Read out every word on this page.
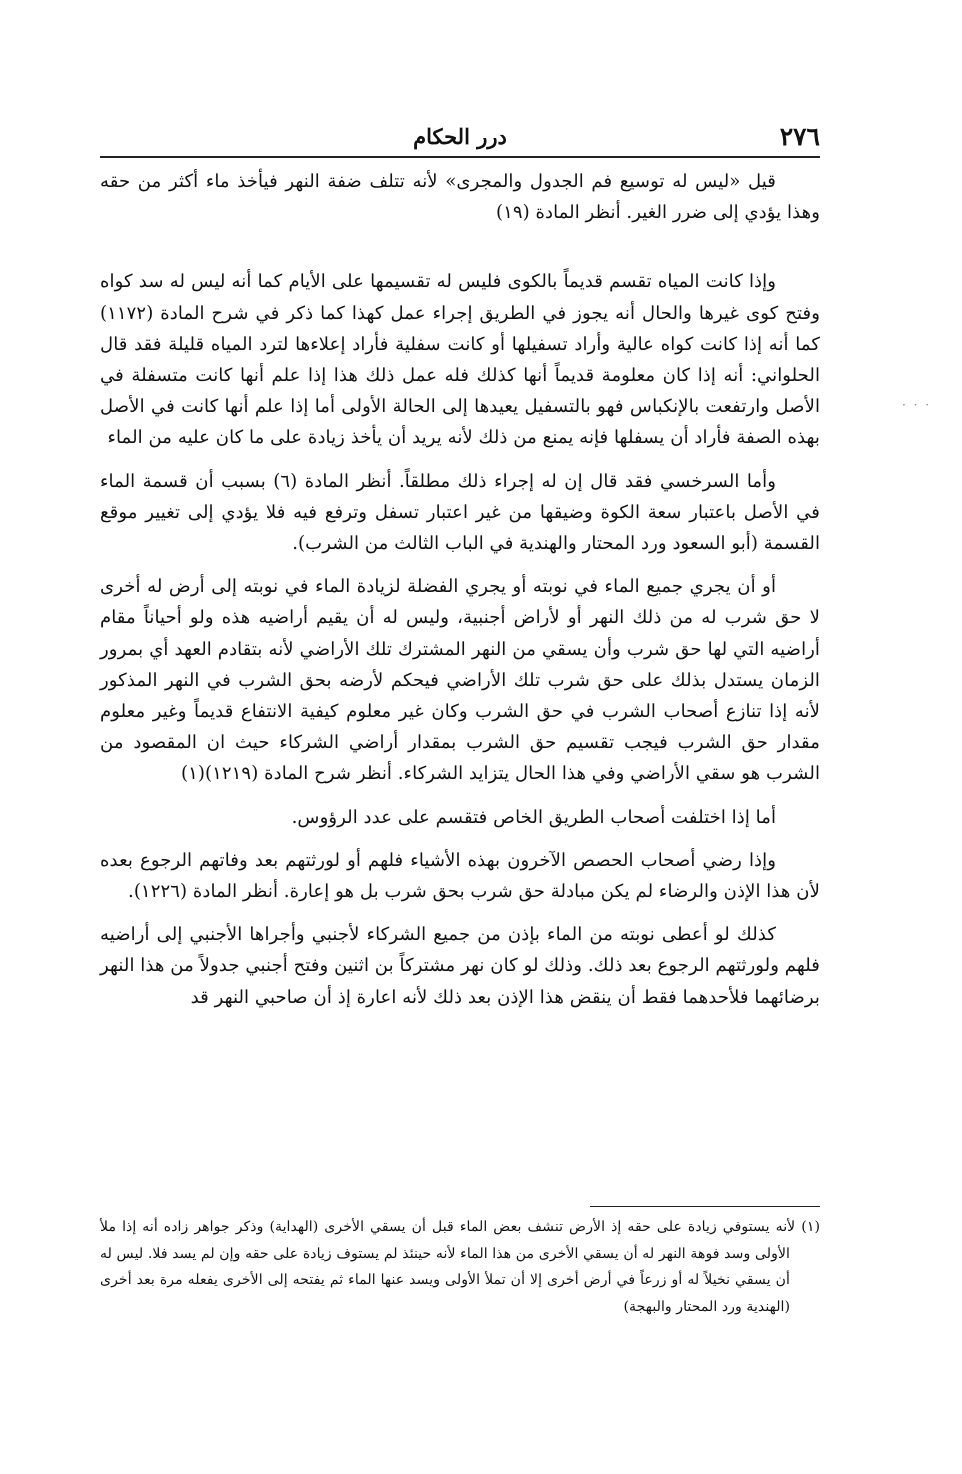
٢٧٦
درر الحكام

قيل «ليس له توسيع فم الجدول والمجرى» لأنه تتلف ضفة النهر فيأخذ ماء أكثر من حقه وهذا يؤدي إلى ضرر الغير. أنظر المادة (١٩)

وإذا كانت المياه تقسم قديماً بالكوى فليس له تقسيمها على الأيام كما أنه ليس له سد كواه وفتح كوى غيرها والحال أنه يجوز في الطريق إجراء عمل كهذا كما ذكر في شرح المادة (١١٧٢) كما أنه إذا كانت كواه عالية وأراد تسفيلها أو كانت سفلية فأراد إعلاءها لترد المياه قليلة فقد قال الحلواني: أنه إذا كان معلومة قديماً أنها كذلك فله عمل ذلك هذا إذا علم أنها كانت متسفلة في الأصل وارتفعت بالإنكباس فهو بالتسفيل يعيدها إلى الحالة الأولى أما إذا علم أنها كانت في الأصل بهذه الصفة فأراد أن يسفلها فإنه يمنع من ذلك لأنه يريد أن يأخذ زيادة على ما كان عليه من الماء

وأما السرخسي فقد قال إن له إجراء ذلك مطلقاً. أنظر المادة (٦) بسبب أن قسمة الماء في الأصل باعتبار سعة الكوة وضيقها من غير اعتبار تسفل وترفع فيه فلا يؤدي إلى تغيير موقع القسمة (أبو السعود ورد المحتار والهندية في الباب الثالث من الشرب).

أو أن يجري جميع الماء في نوبته أو يجري الفضلة لزيادة الماء في نوبته إلى أرض له أخرى لا حق شرب له من ذلك النهر أو لأراض أجنبية، وليس له أن يقيم أراضيه هذه ولو أحياناً مقام أراضيه التي لها حق شرب وأن يسقي من النهر المشترك تلك الأراضي لأنه بتقادم العهد أي بمرور الزمان يستدل بذلك على حق شرب تلك الأراضي فيحكم لأرضه بحق الشرب في النهر المذكور لأنه إذا تنازع أصحاب الشرب في حق الشرب وكان غير معلوم كيفية الانتفاع قديماً وغير معلوم مقدار حق الشرب فيجب تقسيم حق الشرب بمقدار أراضي الشركاء حيث ان المقصود من الشرب هو سقي الأراضي وفي هذا الحال يتزايد الشركاء. أنظر شرح المادة (١٢١٩)(١)

أما إذا اختلفت أصحاب الطريق الخاص فتقسم على عدد الرؤوس.

وإذا رضي أصحاب الحصص الآخرون بهذه الأشياء فلهم أو لورثتهم بعد وفاتهم الرجوع بعده لأن هذا الإذن والرضاء لم يكن مبادلة حق شرب بحق شرب بل هو إعارة. أنظر المادة (١٢٢٦).

كذلك لو أعطى نوبته من الماء بإذن من جميع الشركاء لأجنبي وأجراها الأجنبي إلى أراضيه فلهم ولورثتهم الرجوع بعد ذلك. وذلك لو كان نهر مشتركاً بن اثنين وفتح أجنبي جدولاً من هذا النهر برضائهما فلأحدهما فقط أن ينقض هذا الإذن بعد ذلك لأنه اعارة إذ أن صاحبي النهر قد

(١) لأنه يستوفي زيادة على حقه إذ الأرض تنشف بعض الماء قبل أن يسقي الأخرى (الهداية) وذكر جواهر زاده أنه إذا ملأ الأولى وسد فوهة النهر له أن يسقي الأخرى من هذا الماء لأنه حينئذ لم يستوف زيادة على حقه وإن لم يسد فلا. ليس له أن يسقي نخيلاً له أو زرعاً في أرض أخرى إلا أن تملأ الأولى ويسد عنها الماء ثم يفتحه إلى الأخرى يفعله مرة بعد أخرى (الهندية ورد المحتار والبهجة)

· · ·
